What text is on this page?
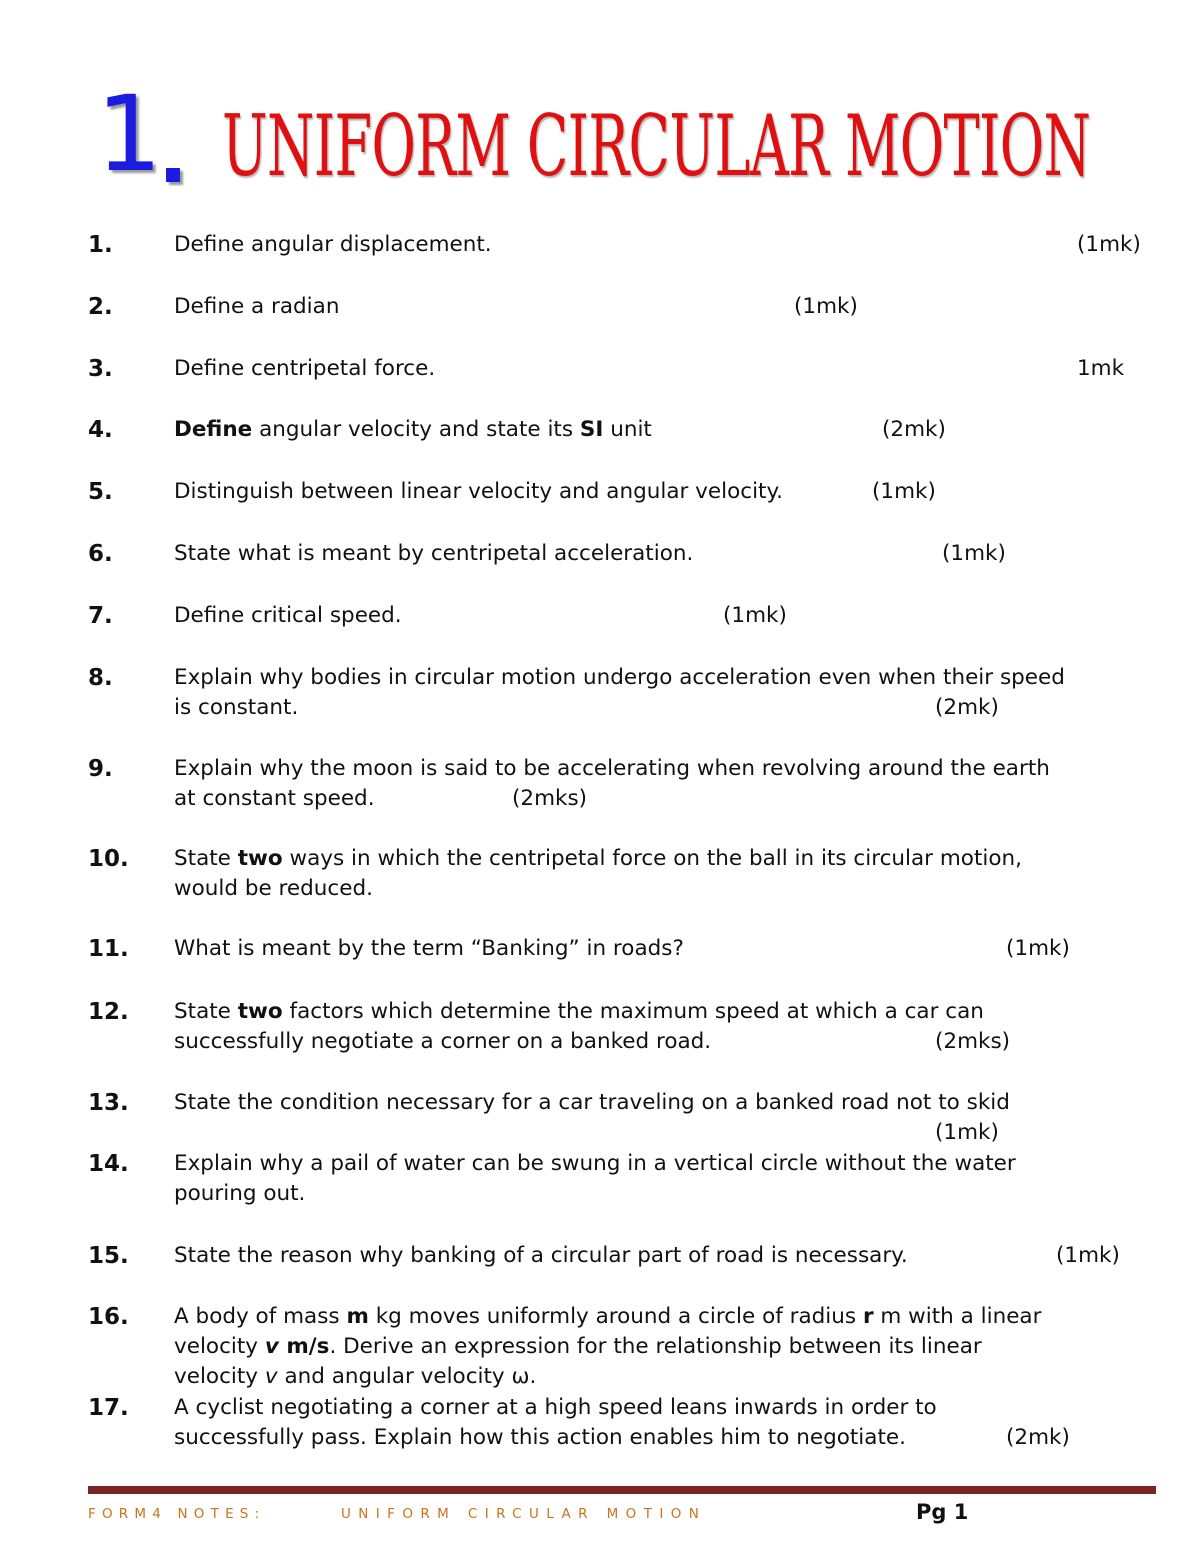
1 UNIFORM CIRCULAR MOTION
1.	Define angular displacement.	(1mk)
2.	Define a radian	(1mk)
3.	Define centripetal force.	1mk
4.	Define angular velocity and state its SI unit	(2mk)
5.	Distinguish between linear velocity and angular velocity.	(1mk)
6.	State what is meant by centripetal acceleration.	(1mk)
7.	Define critical speed.	(1mk)
8.	Explain why bodies in circular motion undergo acceleration even when their speed
is constant.	(2mk)
9.	Explain why the moon is said to be accelerating when revolving around the earth
at constant speed.	(2mks)
10. State two ways in which the centripetal force on the ball in its circular motion,
would be reduced.
11. What is meant by the term “Banking” in roads?	(1mk)
12. State two factors which determine the maximum speed at which a car can
successfully negotiate a corner on a banked road.	(2mks)
13. State the condition necessary for a car traveling on a banked road not to skid
(1mk)
14. Explain why a pail of water can be swung in a vertical circle without the water
pouring out.
15. State the reason why banking of a circular part of road is necessary.	(1mk)
16. A body of mass m kg moves uniformly around a circle of radius r m with a linear
velocity v m/s. Derive an expression for the relationship between its linear
velocity v and angular velocity ω.
17. A cyclist negotiating a corner at a high speed leans inwards in order to
successfully pass. Explain how this action enables him to negotiate.	(2mk)
FORM4 NOTES:	UNIFORM CIRCULAR MOTION	Pg 1
